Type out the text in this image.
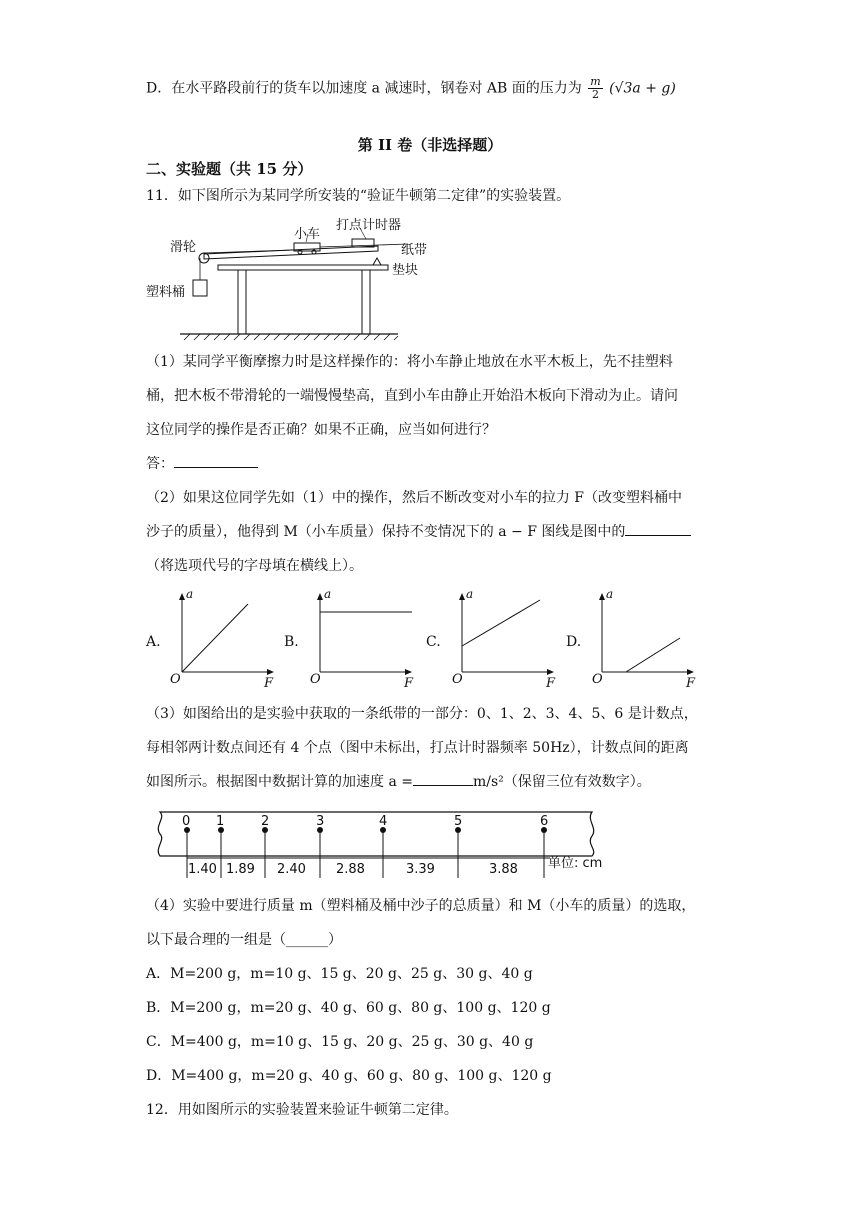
D．在水平路段前行的货车以加速度 a 减速时，钢卷对 AB 面的压力为 $\frac{m}{2} (√3a + g)$
第 II 卷（非选择题）
二、实验题（共 15 分）
11．如下图所示为某同学所安装的“验证牛顿第二定律”的实验装置。
小车
打点计时器
滑轮	纸带
垫块
塑料桶
（1）某同学平衡摩擦力时是这样操作的：将小车静止地放在水平木板上，先不挂塑料
桶，把木板不带滑轮的一端慢慢垫高，直到小车由静止开始沿木板向下滑动为止。请问
这位同学的操作是否正确？如果不正确，应当如何进行？
答：
（2）如果这位同学先如（1）中的操作，然后不断改变对小车的拉力 F（改变塑料桶中
沙子的质量），他得到 M（小车质量）保持不变情况下的 a − F 图线是图中的
（将选项代号的字母填在横线上）。
A.
a
O	F
B.
a
O	F
C.
a
O	F
D.
a
O	F
（3）如图给出的是实验中获取的一条纸带的一部分：0、1、2、3、4、5、6 是计数点，
每相邻两计数点间还有 4 个点（图中未标出，打点计时器频率 50Hz），计数点间的距离
如图所示。根据图中数据计算的加速度 a =	m/s²（保留三位有效数字）。
0 1	2	3	4	5	6
1.40 1.89 2.40 2.88	3.39	3.88 单位: cm
（4）实验中要进行质量 m（塑料桶及桶中沙子的总质量）和 M（小车的质量）的选取，
以下最合理的一组是（______）
A．M=200 g，m=10 g、15 g、20 g、25 g、30 g、40 g
B．M=200 g，m=20 g、40 g、60 g、80 g、100 g、120 g
C．M=400 g，m=10 g、15 g、20 g、25 g、30 g、40 g
D．M=400 g，m=20 g、40 g、60 g、80 g、100 g、120 g
12．用如图所示的实验装置来验证牛顿第二定律。
